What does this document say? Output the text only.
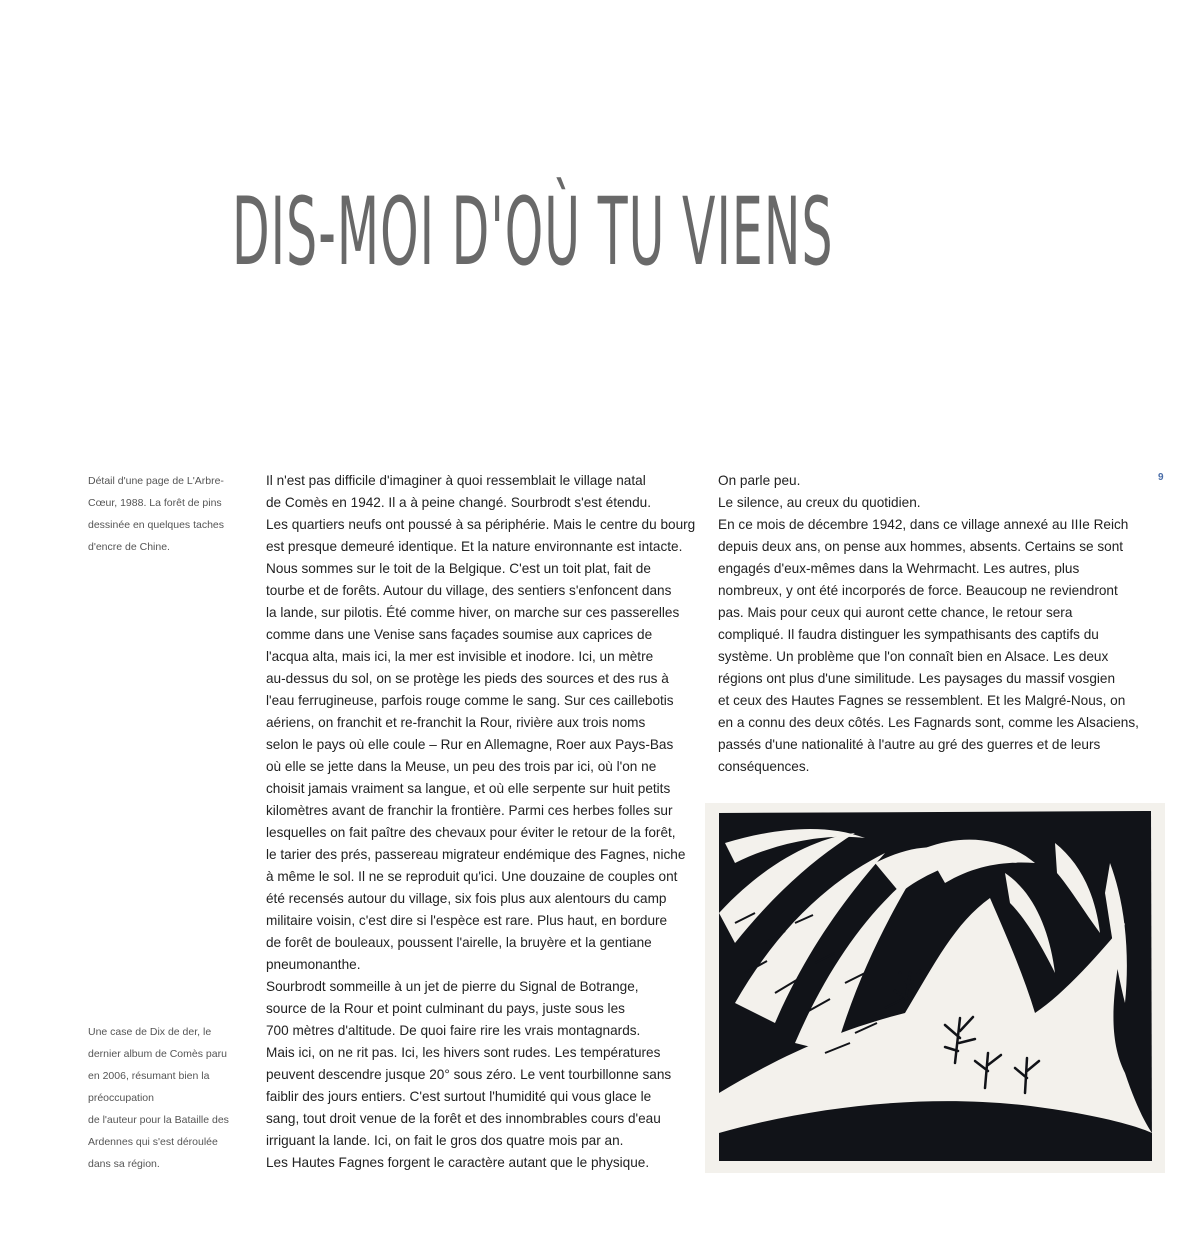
DIS-MOI D'OÙ TU VIENS

Détail d'une page de L'Arbre-

Cœur, 1988. La forêt de pins

dessinée en quelques taches

d'encre de Chine.

Une case de Dix de der, le

dernier album de Comès paru

en 2006, résumant bien la

préoccupation

de l'auteur pour la Bataille des

Ardennes qui s'est déroulée

dans sa région.

Il n'est pas difficile d'imaginer à quoi ressemblait le village natal

de Comès en 1942. Il a à peine changé. Sourbrodt s'est étendu.

Les quartiers neufs ont poussé à sa périphérie. Mais le centre du bourg

est presque demeuré identique. Et la nature environnante est intacte.

Nous sommes sur le toit de la Belgique. C'est un toit plat, fait de

tourbe et de forêts. Autour du village, des sentiers s'enfoncent dans

la lande, sur pilotis. Été comme hiver, on marche sur ces passerelles

comme dans une Venise sans façades soumise aux caprices de

l'acqua alta, mais ici, la mer est invisible et inodore. Ici, un mètre

au-dessus du sol, on se protège les pieds des sources et des rus à

l'eau ferrugineuse, parfois rouge comme le sang. Sur ces caillebotis

aériens, on franchit et re-franchit la Rour, rivière aux trois noms

selon le pays où elle coule – Rur en Allemagne, Roer aux Pays-Bas

où elle se jette dans la Meuse, un peu des trois par ici, où l'on ne

choisit jamais vraiment sa langue, et où elle serpente sur huit petits

kilomètres avant de franchir la frontière. Parmi ces herbes folles sur

lesquelles on fait paître des chevaux pour éviter le retour de la forêt,

le tarier des prés, passereau migrateur endémique des Fagnes, niche

à même le sol. Il ne se reproduit qu'ici. Une douzaine de couples ont

été recensés autour du village, six fois plus aux alentours du camp

militaire voisin, c'est dire si l'espèce est rare. Plus haut, en bordure

de forêt de bouleaux, poussent l'airelle, la bruyère et la gentiane

pneumonanthe.

Sourbrodt sommeille à un jet de pierre du Signal de Botrange,

source de la Rour et point culminant du pays, juste sous les

700 mètres d'altitude. De quoi faire rire les vrais montagnards.

Mais ici, on ne rit pas. Ici, les hivers sont rudes. Les températures

peuvent descendre jusque 20° sous zéro. Le vent tourbillonne sans

faiblir des jours entiers. C'est surtout l'humidité qui vous glace le

sang, tout droit venue de la forêt et des innombrables cours d'eau

irriguant la lande. Ici, on fait le gros dos quatre mois par an.

Les Hautes Fagnes forgent le caractère autant que le physique.

On parle peu.

Le silence, au creux du quotidien.

En ce mois de décembre 1942, dans ce village annexé au IIIe Reich

depuis deux ans, on pense aux hommes, absents. Certains se sont

engagés d'eux-mêmes dans la Wehrmacht. Les autres, plus

nombreux, y ont été incorporés de force. Beaucoup ne reviendront

pas. Mais pour ceux qui auront cette chance, le retour sera

compliqué. Il faudra distinguer les sympathisants des captifs du

système. Un problème que l'on connaît bien en Alsace. Les deux

régions ont plus d'une similitude. Les paysages du massif vosgien

et ceux des Hautes Fagnes se ressemblent. Et les Malgré-Nous, on

en a connu des deux côtés. Les Fagnards sont, comme les Alsaciens,

passés d'une nationalité à l'autre au gré des guerres et de leurs

conséquences.

9
